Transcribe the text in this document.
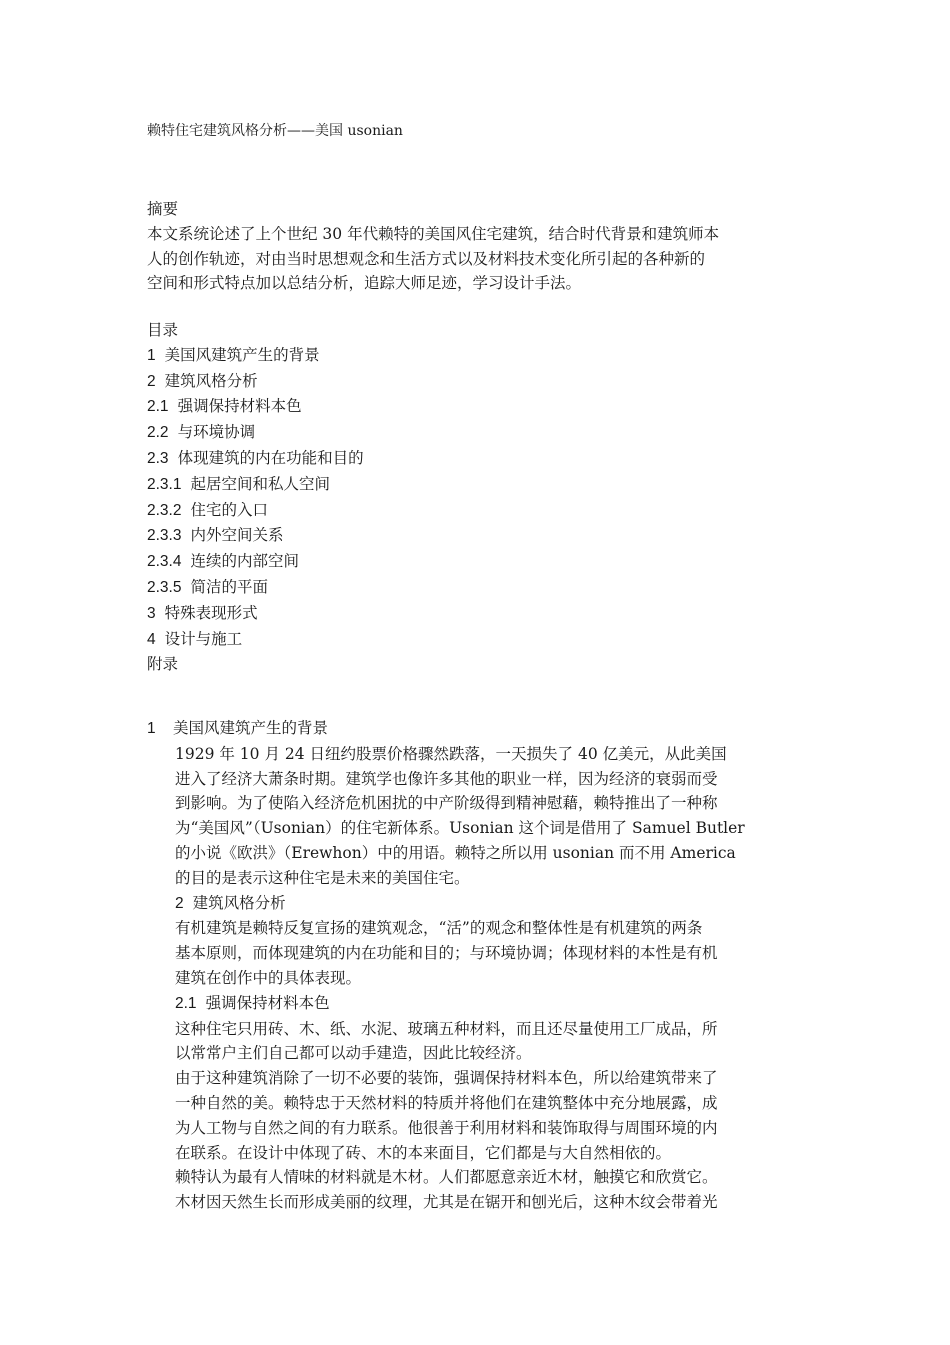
赖特住宅建筑风格分析——美国 usonian
摘要
本文系统论述了上个世纪 30 年代赖特的美国风住宅建筑，结合时代背景和建筑师本
人的创作轨迹，对由当时思想观念和生活方式以及材料技术变化所引起的各种新的
空间和形式特点加以总结分析，追踪大师足迹，学习设计手法。
目录
1 美国风建筑产生的背景
2 建筑风格分析
2.1 强调保持材料本色
2.2 与环境协调
2.3 体现建筑的内在功能和目的
2.3.1 起居空间和私人空间
2.3.2 住宅的入口
2.3.3 内外空间关系
2.3.4 连续的内部空间
2.3.5 简洁的平面
3 特殊表现形式
4 设计与施工
附录
1 美国风建筑产生的背景
1929 年 10 月 24 日纽约股票价格骤然跌落，一天损失了 40 亿美元，从此美国
进入了经济大萧条时期。建筑学也像许多其他的职业一样，因为经济的衰弱而受
到影响。为了使陷入经济危机困扰的中产阶级得到精神慰藉，赖特推出了一种称
为“美国风”（Usonian）的住宅新体系。Usonian 这个词是借用了 Samuel Butler
的小说《欧洪》（Erewhon）中的用语。赖特之所以用 usonian 而不用 America
的目的是表示这种住宅是未来的美国住宅。
2 建筑风格分析
有机建筑是赖特反复宣扬的建筑观念，“活”的观念和整体性是有机建筑的两条
基本原则，而体现建筑的内在功能和目的；与环境协调；体现材料的本性是有机
建筑在创作中的具体表现。
2.1 强调保持材料本色
这种住宅只用砖、木、纸、水泥、玻璃五种材料，而且还尽量使用工厂成品，所
以常常户主们自己都可以动手建造，因此比较经济。
由于这种建筑消除了一切不必要的装饰，强调保持材料本色，所以给建筑带来了
一种自然的美。赖特忠于天然材料的特质并将他们在建筑整体中充分地展露，成
为人工物与自然之间的有力联系。他很善于利用材料和装饰取得与周围环境的内
在联系。在设计中体现了砖、木的本来面目，它们都是与大自然相依的。
赖特认为最有人情味的材料就是木材。人们都愿意亲近木材，触摸它和欣赏它。
木材因天然生长而形成美丽的纹理，尤其是在锯开和刨光后，这种木纹会带着光
